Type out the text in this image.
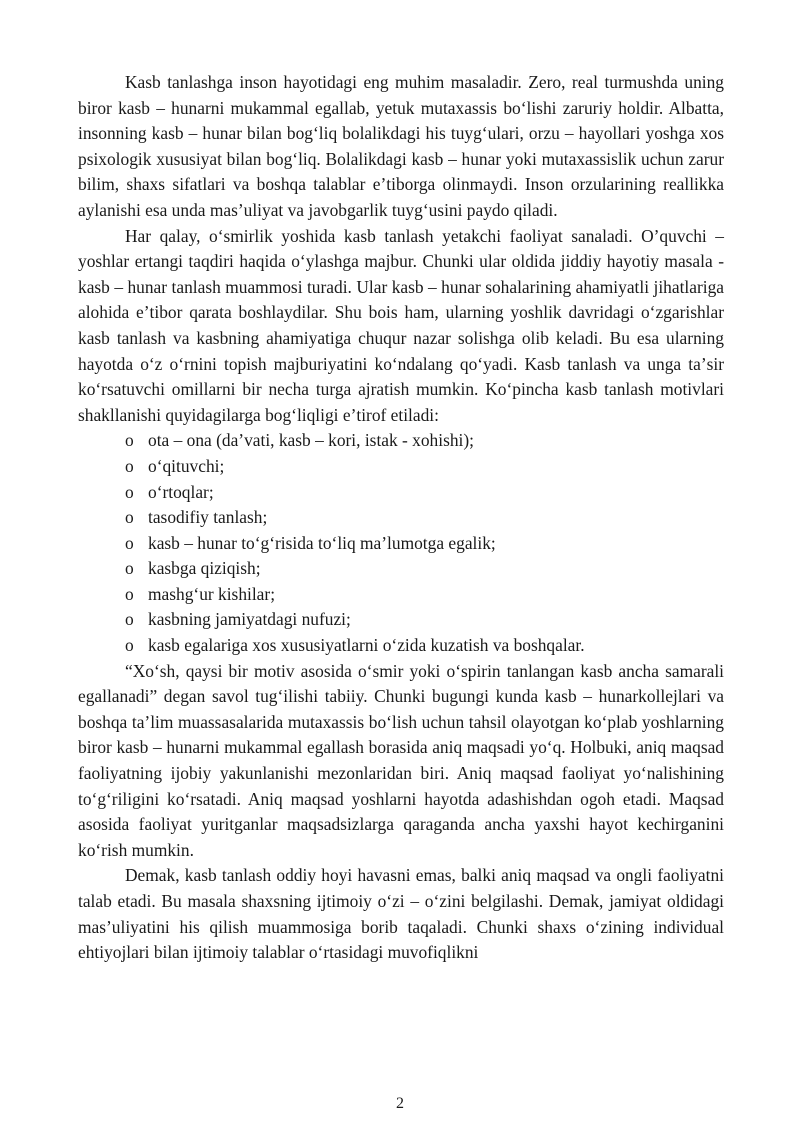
Kasb tanlashga inson hayotidagi eng muhim masaladir. Zero, real turmushda uning biror kasb – hunarni mukammal egallab, yetuk mutaxassis boʻlishi zaruriy holdir. Albatta, insonning kasb – hunar bilan bogʻliq bolalikdagi his tuygʻulari, orzu – hayollari yoshga xos psixologik xususiyat bilan bogʻliq. Bolalikdagi kasb – hunar yoki mutaxassislik uchun zarur bilim, shaxs sifatlari va boshqa talablar eʼtiborga olinmaydi. Inson orzularining reallikka aylanishi esa unda masʼuliyat va javobgarlik tuygʻusini paydo qiladi.

Har qalay, oʻsmirlik yoshida kasb tanlash yetakchi faoliyat sanaladi. O’quvchi – yoshlar ertangi taqdiri haqida oʻylashga majbur. Chunki ular oldida jiddiy hayotiy masala - kasb – hunar tanlash muammosi turadi. Ular kasb – hunar sohalarining ahamiyatli jihatlariga alohida eʼtibor qarata boshlaydilar. Shu bois ham, ularning yoshlik davridagi oʻzgarishlar kasb tanlash va kasbning ahamiyatiga chuqur nazar solishga olib keladi. Bu esa ularning hayotda oʻz oʻrnini topish majburiyatini koʻndalang qoʻyadi. Kasb tanlash va unga taʼsir koʻrsatuvchi omillarni bir necha turga ajratish mumkin. Koʻpincha kasb tanlash motivlari shakllanishi quyidagilarga bogʻliqligi eʼtirof etiladi:

o ota – ona (daʼvati, kasb – kori, istak - xohishi);
o oʻqituvchi;
o oʻrtoqlar;
o tasodifiy tanlash;
o kasb – hunar toʻgʻrisida toʻliq maʼlumotga egalik;
o kasbga qiziqish;
o mashgʻur kishilar;
o kasbning jamiyatdagi nufuzi;
o kasb egalariga xos xususiyatlarni oʻzida kuzatish va boshqalar.

“Xoʻsh, qaysi bir motiv asosida oʻsmir yoki oʻspirin tanlangan kasb ancha samarali egallanadi” degan savol tugʻilishi tabiiy. Chunki bugungi kunda kasb – hunarkollejlari va boshqa taʼlim muassasalarida mutaxassis boʻlish uchun tahsil olayotgan koʻplab yoshlarning biror kasb – hunarni mukammal egallash borasida aniq maqsadi yoʻq. Holbuki, aniq maqsad faoliyatning ijobiy yakunlanishi mezonlaridan biri. Aniq maqsad faoliyat yoʻnalishining toʻgʻriligini koʻrsatadi. Aniq maqsad yoshlarni hayotda adashishdan ogoh etadi. Maqsad asosida faoliyat yuritganlar maqsadsizlarga qaraganda ancha yaxshi hayot kechirganini koʻrish mumkin.

Demak, kasb tanlash oddiy hoyi havasni emas, balki aniq maqsad va ongli faoliyatni talab etadi. Bu masala shaxsning ijtimoiy oʻzi – oʻzini belgilashi. Demak, jamiyat oldidagi masʼuliyatini his qilish muammosiga borib taqaladi. Chunki shaxs oʻzining individual ehtiyojlari bilan ijtimoiy talablar oʻrtasidagi muvofiqlikni

2
